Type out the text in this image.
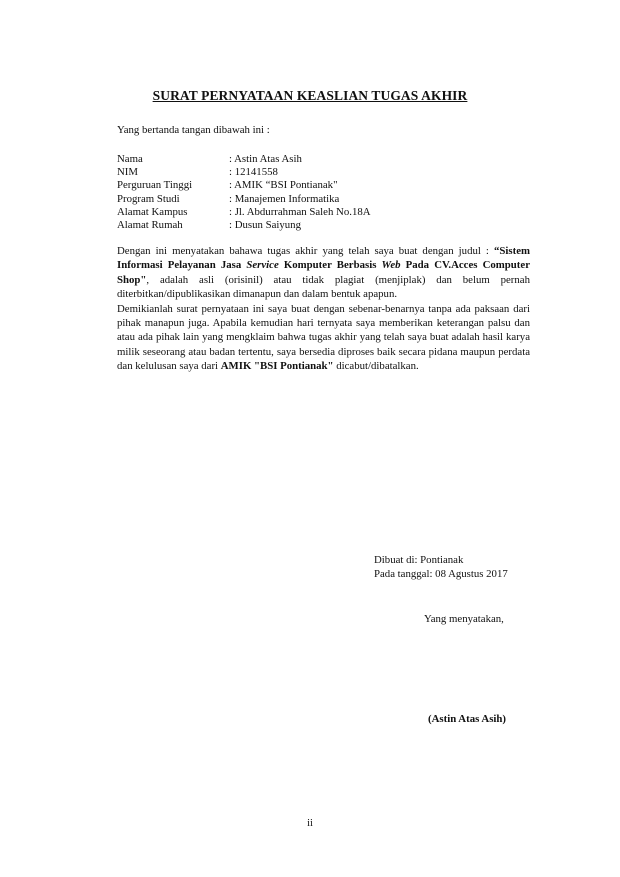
SURAT PERNYATAAN KEASLIAN TUGAS AKHIR
Yang bertanda tangan dibawah ini :
Nama	: Astin Atas Asih
NIM	: 12141558
Perguruan Tinggi	: AMIK “BSI Pontianak"
Program Studi	: Manajemen Informatika
Alamat Kampus	: Jl. Abdurrahman Saleh No.18A
Alamat Rumah	: Dusun Saiyung

Dengan ini menyatakan bahawa tugas akhir yang telah saya buat dengan judul : “Sistem Informasi Pelayanan Jasa Service Komputer Berbasis Web Pada CV.Acces Computer Shop", adalah asli (orisinil) atau tidak plagiat (menjiplak) dan belum pernah diterbitkan/dipublikasikan dimanapun dan dalam bentuk apapun.

Demikianlah surat pernyataan ini saya buat dengan sebenar-benarnya tanpa ada paksaan dari pihak manapun juga. Apabila kemudian hari ternyata saya memberikan keterangan palsu dan atau ada pihak lain yang mengklaim bahwa tugas akhir yang telah saya buat adalah hasil karya milik seseorang atau badan tertentu, saya bersedia diproses baik secara pidana maupun perdata dan kelulusan saya dari AMIK "BSI Pontianak" dicabut/dibatalkan.

Dibuat di: Pontianak
Pada tanggal: 08 Agustus 2017
Yang menyatakan,
(Astin Atas Asih)
ii
